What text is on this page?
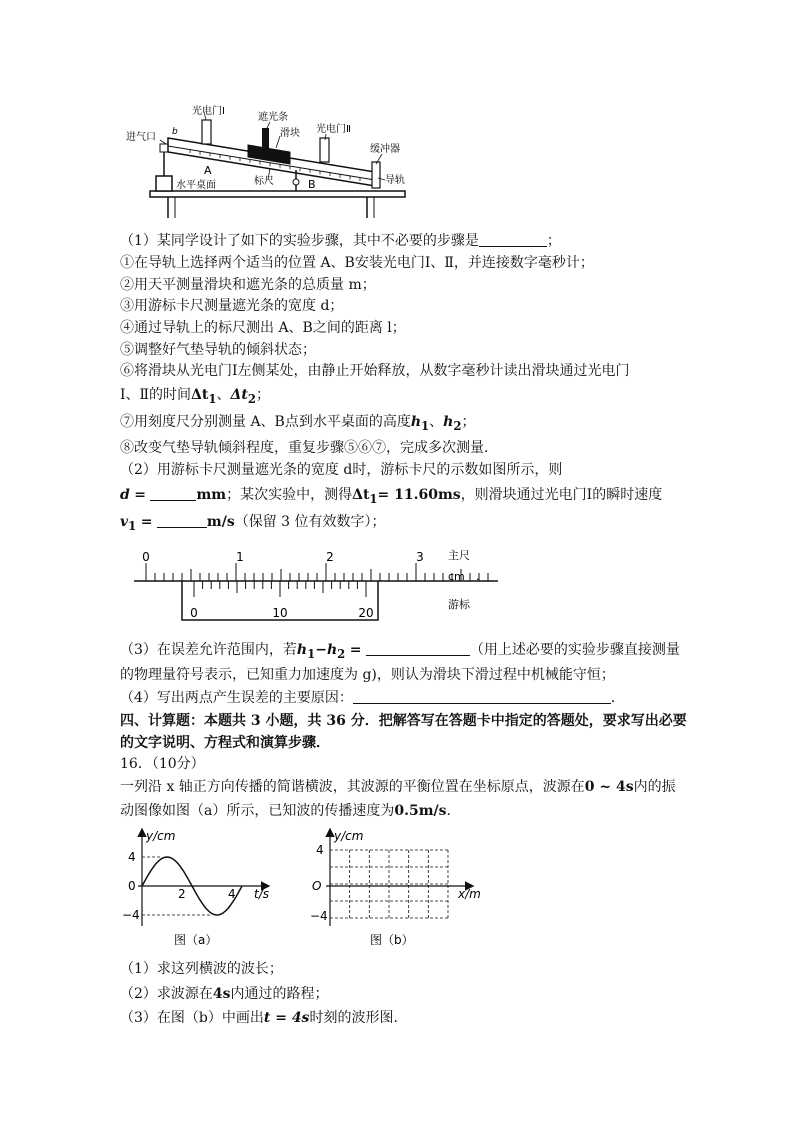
光电门Ⅰ
遮光条
滑块 光电门Ⅱ
进气口 b
缓冲器
A
B
标尺	导轨
水平桌面
（1）某同学设计了如下的实验步骤，其中不必要的步骤是	；
①在导轨上选择两个适当的位置 A、B安装光电门Ⅰ、Ⅱ，并连接数字毫秒计；
②用天平测量滑块和遮光条的总质量 m；
③用游标卡尺测量遮光条的宽度 d；
④通过导轨上的标尺测出 A、B之间的距离 l；
⑤调整好气垫导轨的倾斜状态；
⑥将滑块从光电门Ⅰ左侧某处，由静止开始释放，从数字毫秒计读出滑块通过光电门
Ⅰ、Ⅱ的时间$\Delta t_1$、$\Delta t_2$；
⑦用刻度尺分别测量 A、B点到水平桌面的高度$h_1$、$h_2$；
⑧改变气垫导轨倾斜程度，重复步骤⑤⑥⑦，完成多次测量．
（2）用游标卡尺测量遮光条的宽度 d时，游标卡尺的示数如图所示，则
d =	mm；某次实验中，测得$\Delta t_1= 11.60ms$，则滑块通过光电门Ⅰ的瞬时速度
$v_1$ =	m/s（保留 3 位有效数字）；
0	1	2	3 主尺
cm .
0	10	20
游标
（3）在误差允许范围内，若$h_1-h_2$ =	（用上述必要的实验步骤直接测量
的物理量符号表示，已知重力加速度为 g)，则认为滑块下滑过程中机械能守恒；
（4）写出两点产生误差的主要原因：	．
四、计算题：本题共 3 小题，共 36 分．把解答写在答题卡中指定的答题处，要求写出必要
的文字说明、方程式和演算步骤．
16．（10分）
一列沿 x 轴正方向传播的简谐横波，其波源的平衡位置在坐标原点，波源在0 ~ 4s内的振
动图像如图（a）所示，已知波的传播速度为0.5m/s．
y/cm
t/s
4
0
−4
2	4
图（a）
y/cm
x/m
4
O
−4
图（b）
（1）求这列横波的波长；
（2）求波源在4s内通过的路程；
（3）在图（b）中画出t = 4s时刻的波形图．
